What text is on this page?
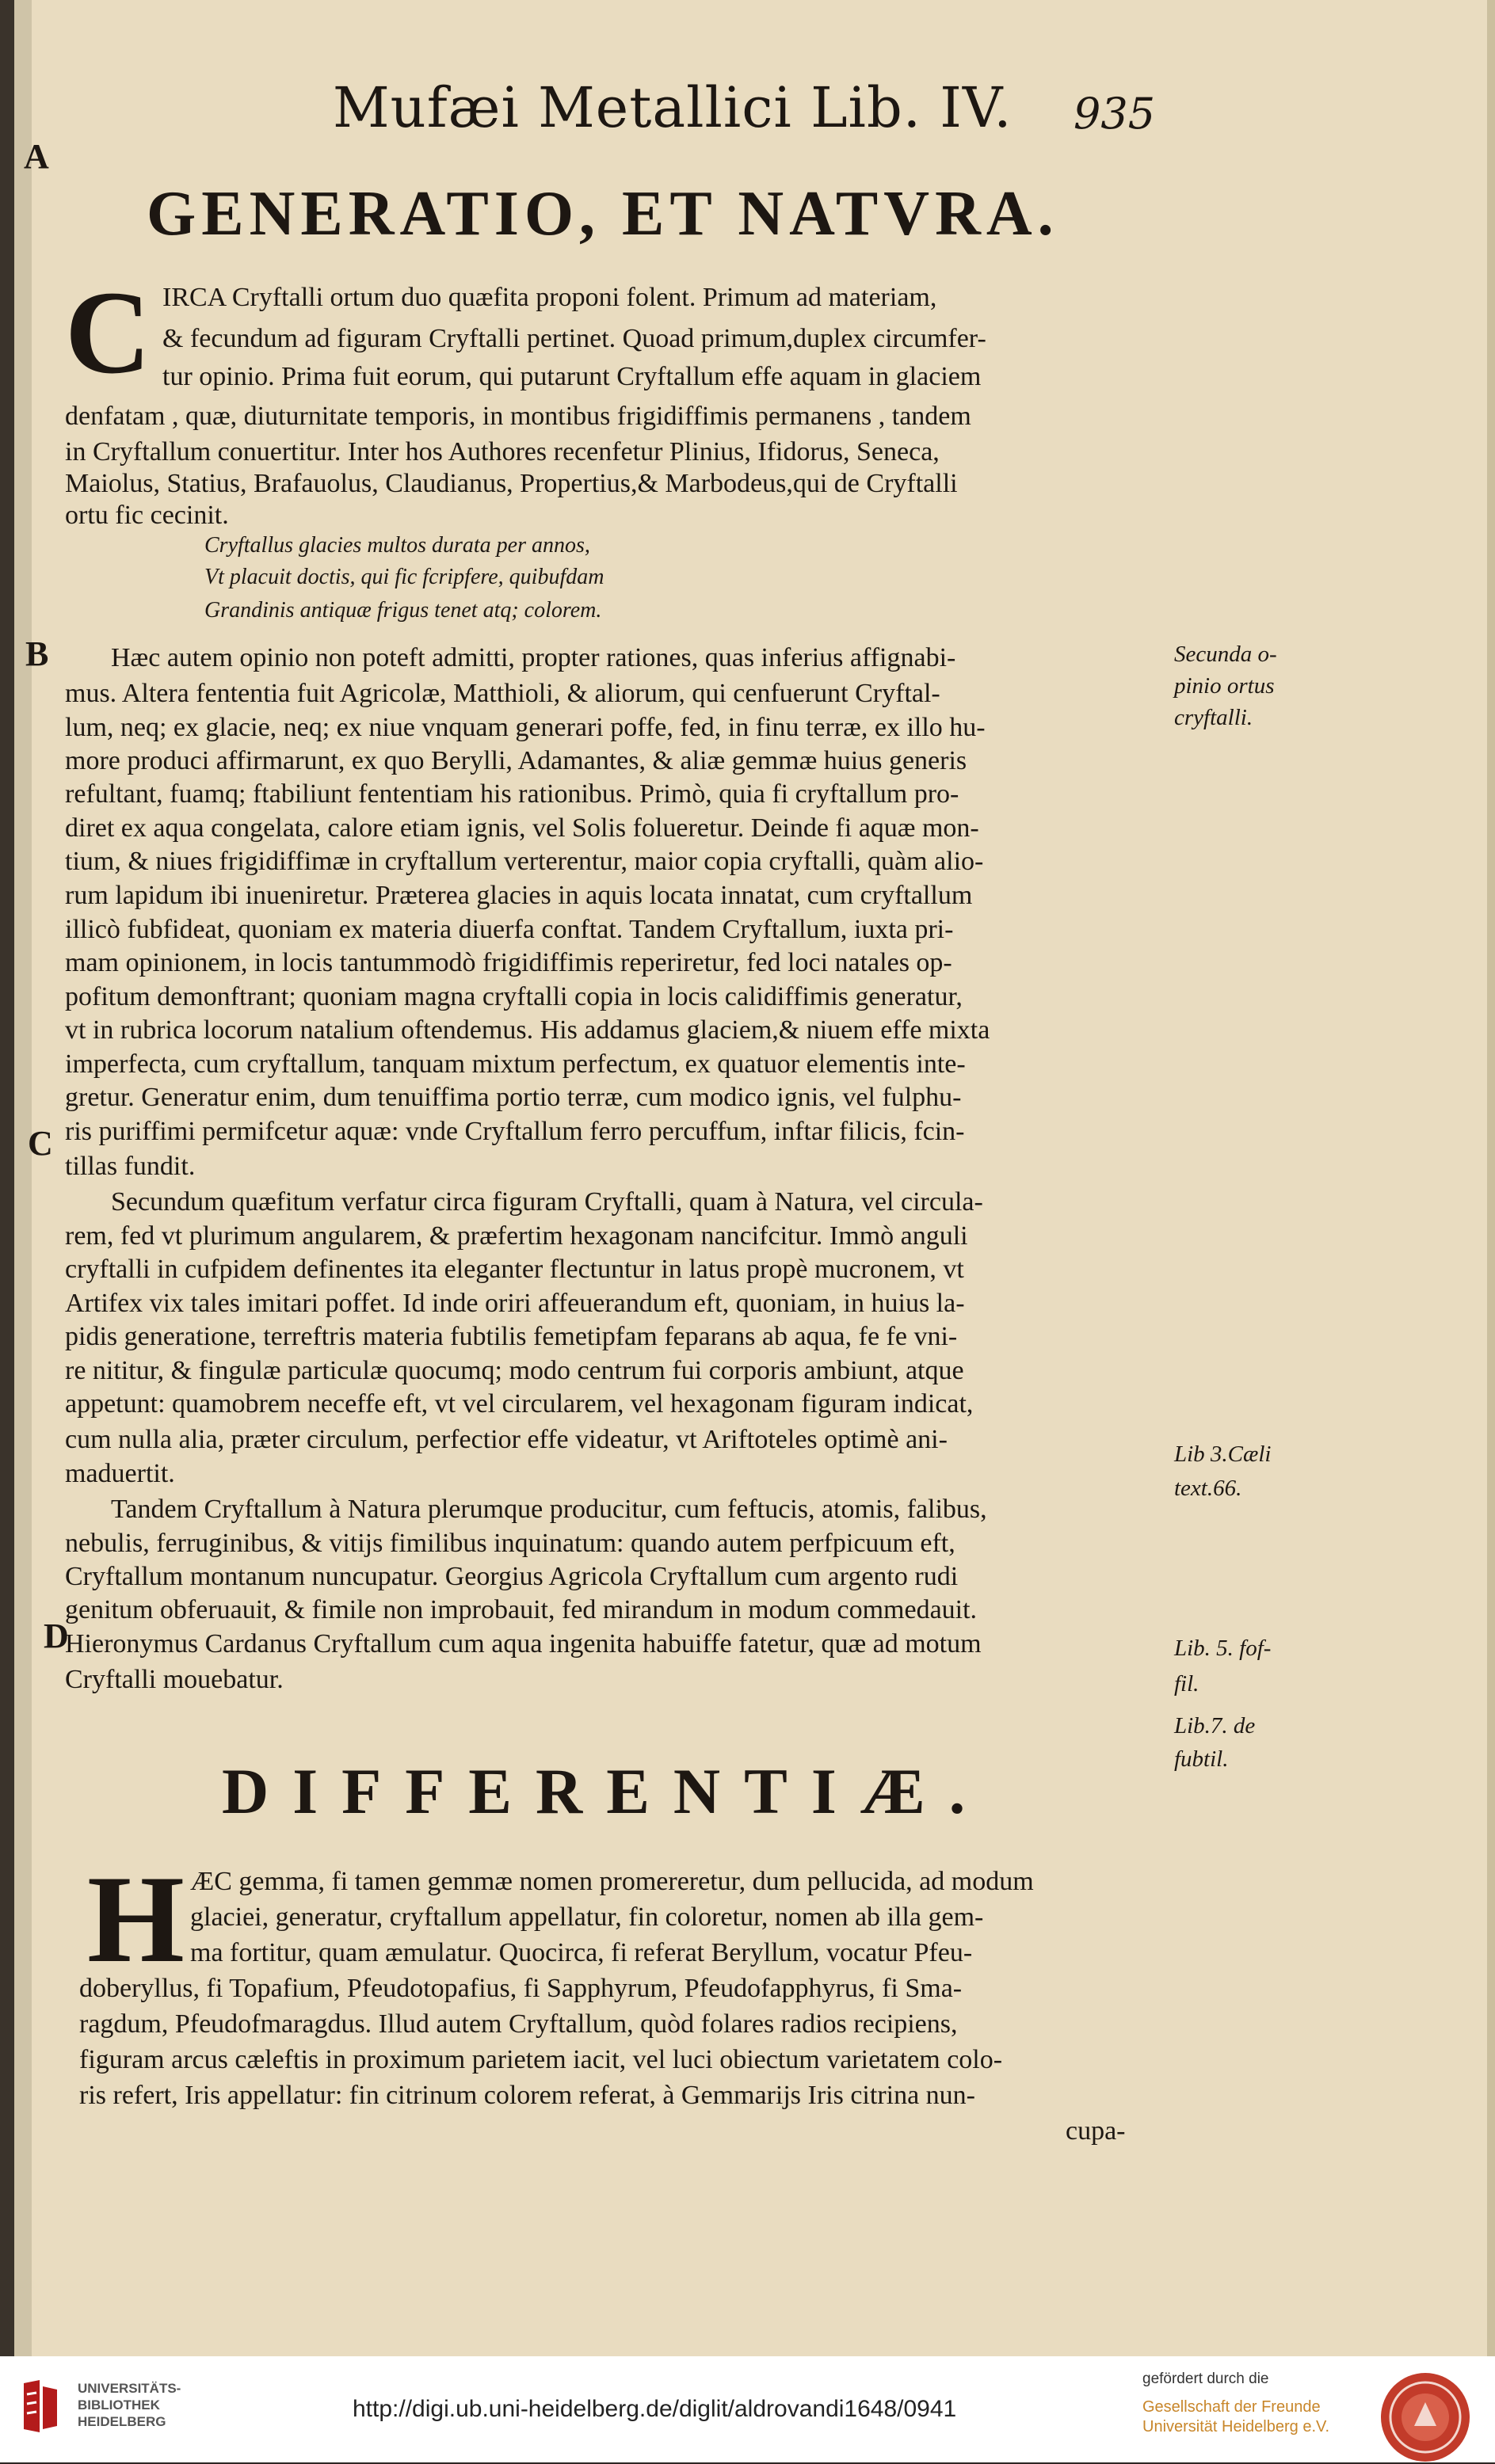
Mufæi Metallici Lib. IV. 935
A
B
C
D
GENERATIO, ET NATVRA.
C IRCA Cryftalli ortum duo quæfita proponi folent. Primum ad materiam,
& fecundum ad figuram Cryftalli pertinet. Quoad primum,duplex circumfer-
tur opinio. Prima fuit eorum, qui putarunt Cryftallum effe aquam in glaciem
denfatam , quæ, diuturnitate temporis, in montibus frigidiffimis permanens , tandem
in Cryftallum conuertitur. Inter hos Authores recenfetur Plinius, Ifidorus, Seneca,
Maiolus, Statius, Brafauolus, Claudianus, Propertius,& Marbodeus,qui de Cryftalli
ortu fic cecinit.
Cryftallus glacies multos durata per annos,
Vt placuit doctis, qui fic fcripfere, quibufdam
Grandinis antiquæ frigus tenet atq; colorem.
Hæc autem opinio non poteft admitti, propter rationes, quas inferius affignabi-
mus. Altera fententia fuit Agricolæ, Matthioli, & aliorum, qui cenfuerunt Cryftal-
lum, neq; ex glacie, neq; ex niue vnquam generari poffe, fed, in finu terræ, ex illo hu-
more produci affirmarunt, ex quo Berylli, Adamantes, & aliæ gemmæ huius generis
refultant, fuamq; ftabiliunt fententiam his rationibus. Primò, quia fi cryftallum pro-
diret ex aqua congelata, calore etiam ignis, vel Solis folueretur. Deinde fi aquæ mon-
tium, & niues frigidiffimæ in cryftallum verterentur, maior copia cryftalli, quàm alio-
rum lapidum ibi inueniretur. Præterea glacies in aquis locata innatat, cum cryftallum
illicò fubfideat, quoniam ex materia diuerfa conftat. Tandem Cryftallum, iuxta pri-
mam opinionem, in locis tantummodò frigidiffimis reperiretur, fed loci natales op-
pofitum demonftrant; quoniam magna cryftalli copia in locis calidiffimis generatur,
vt in rubrica locorum natalium oftendemus. His addamus glaciem,& niuem effe mixta
imperfecta, cum cryftallum, tanquam mixtum perfectum, ex quatuor elementis inte-
gretur. Generatur enim, dum tenuiffima portio terræ, cum modico ignis, vel fulphu-
ris puriffimi permifcetur aquæ: vnde Cryftallum ferro percuffum, inftar filicis, fcin-
tillas fundit.
Secundum quæfitum verfatur circa figuram Cryftalli, quam à Natura, vel circula-
rem, fed vt plurimum angularem, & præfertim hexagonam nancifcitur. Immò anguli
cryftalli in cufpidem definentes ita eleganter flectuntur in latus propè mucronem, vt
Artifex vix tales imitari poffet. Id inde oriri affeuerandum eft, quoniam, in huius la-
pidis generatione, terreftris materia fubtilis femetipfam feparans ab aqua, fe fe vni-
re nititur, & fingulæ particulæ quocumq; modo centrum fui corporis ambiunt, atque
appetunt: quamobrem neceffe eft, vt vel circularem, vel hexagonam figuram indicat,
cum nulla alia, præter circulum, perfectior effe videatur, vt Ariftoteles optimè ani-
maduertit.
Tandem Cryftallum à Natura plerumque producitur, cum feftucis, atomis, falibus,
nebulis, ferruginibus, & vitijs fimilibus inquinatum: quando autem perfpicuum eft,
Cryftallum montanum nuncupatur. Georgius Agricola Cryftallum cum argento rudi
genitum obferuauit, & fimile non improbauit, fed mirandum in modum commedauit.
Hieronymus Cardanus Cryftallum cum aqua ingenita habuiffe fatetur, quæ ad motum
Cryftalli mouebatur.
DIFFERENTIÆ.
H ÆC gemma, fi tamen gemmæ nomen promereretur, dum pellucida, ad modum
glaciei, generatur, cryftallum appellatur, fin coloretur, nomen ab illa gem-
ma fortitur, quam æmulatur. Quocirca, fi referat Beryllum, vocatur Pfeu-
doberyllus, fi Topafium, Pfeudotopafius, fi Sapphyrum, Pfeudofapphyrus, fi Sma-
ragdum, Pfeudofmaragdus. Illud autem Cryftallum, quòd folares radios recipiens,
figuram arcus cæleftis in proximum parietem iacit, vel luci obiectum varietatem colo-
ris refert, Iris appellatur: fin citrinum colorem referat, à Gemmarijs Iris citrina nun-
cupa-
Secunda o-
pinio ortus
cryftalli.
Lib 3.Cæli
text.66.
Lib. 5. fof-
fil.
Lib.7. de
fubtil.
UNIVERSITÄTS-
BIBLIOTHEK
HEIDELBERG	http://digi.ub.uni-heidelberg.de/diglit/aldrovandi1648/0941
gefördert durch die
Gesellschaft der Freunde
Universität Heidelberg e.V.
